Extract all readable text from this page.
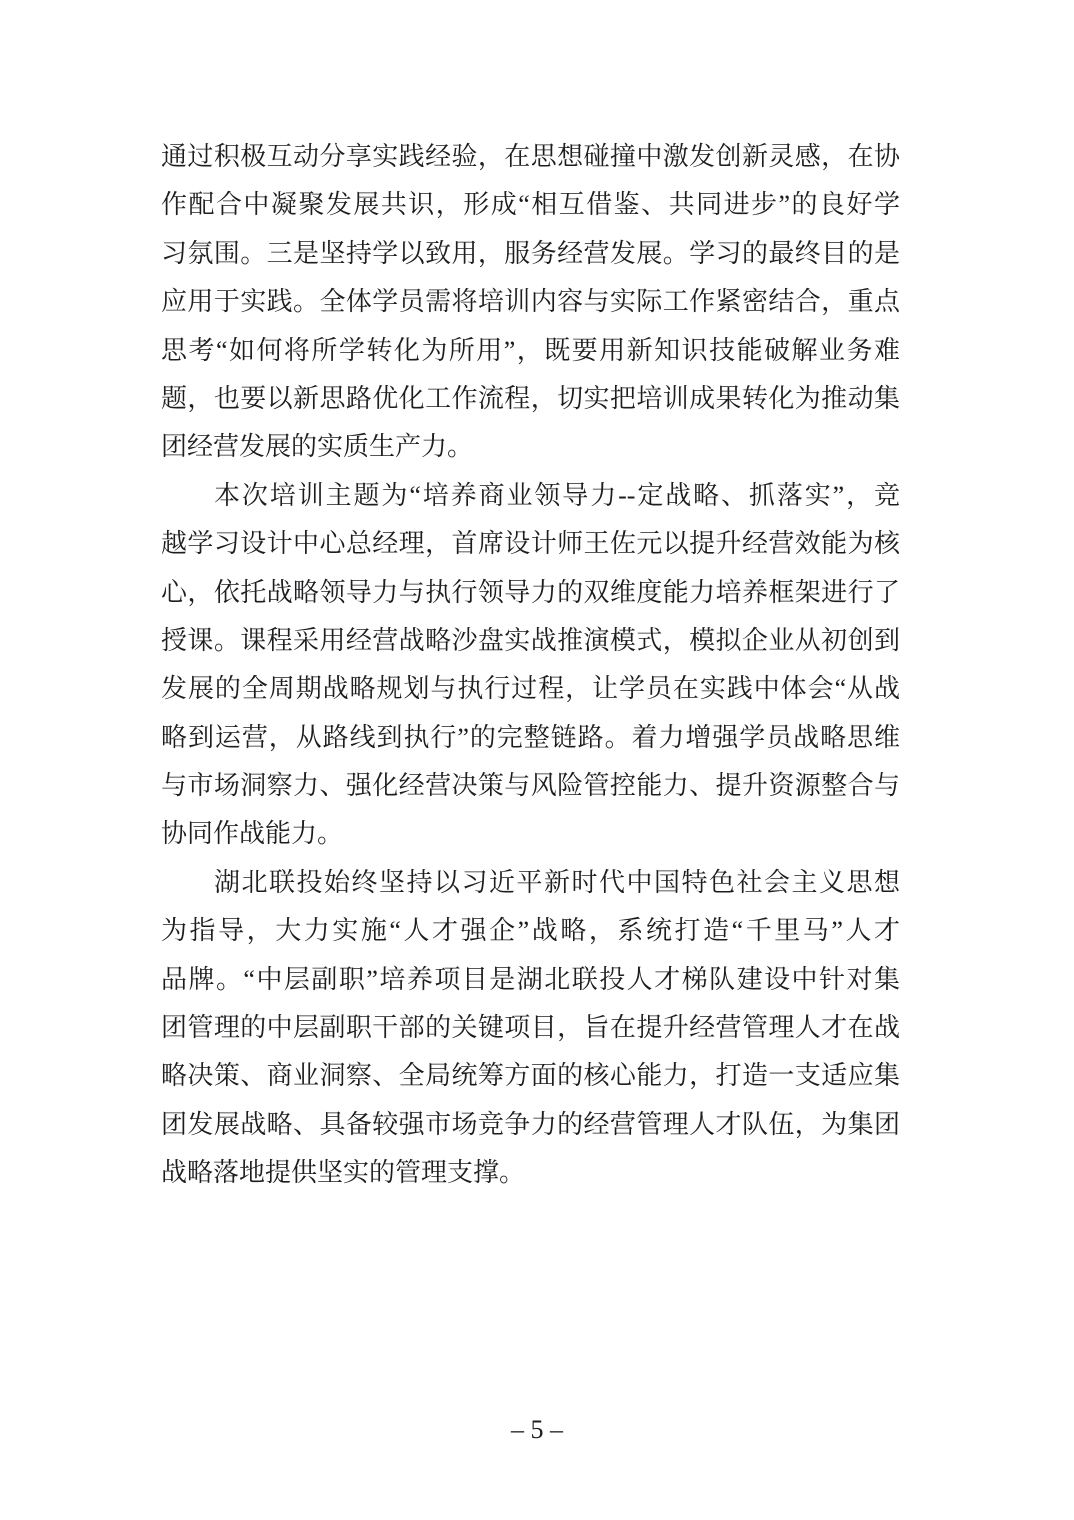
通过积极互动分享实践经验，在思想碰撞中激发创新灵感，在协
作配合中凝聚发展共识，形成“相互借鉴、共同进步”的良好学
习氛围。三是坚持学以致用，服务经营发展。学习的最终目的是
应用于实践。全体学员需将培训内容与实际工作紧密结合，重点
思考“如何将所学转化为所用”，既要用新知识技能破解业务难
题，也要以新思路优化工作流程，切实把培训成果转化为推动集
团经营发展的实质生产力。
本次培训主题为“培养商业领导力--定战略、抓落实”，竞
越学习设计中心总经理，首席设计师王佐元以提升经营效能为核
心，依托战略领导力与执行领导力的双维度能力培养框架进行了
授课。课程采用经营战略沙盘实战推演模式，模拟企业从初创到
发展的全周期战略规划与执行过程，让学员在实践中体会“从战
略到运营，从路线到执行”的完整链路。着力增强学员战略思维
与市场洞察力、强化经营决策与风险管控能力、提升资源整合与
协同作战能力。
湖北联投始终坚持以习近平新时代中国特色社会主义思想
为指导，大力实施“人才强企”战略，系统打造“千里马”人才
品牌。“中层副职”培养项目是湖北联投人才梯队建设中针对集
团管理的中层副职干部的关键项目，旨在提升经营管理人才在战
略决策、商业洞察、全局统筹方面的核心能力，打造一支适应集
团发展战略、具备较强市场竞争力的经营管理人才队伍，为集团
战略落地提供坚实的管理支撑。
– 5 –
